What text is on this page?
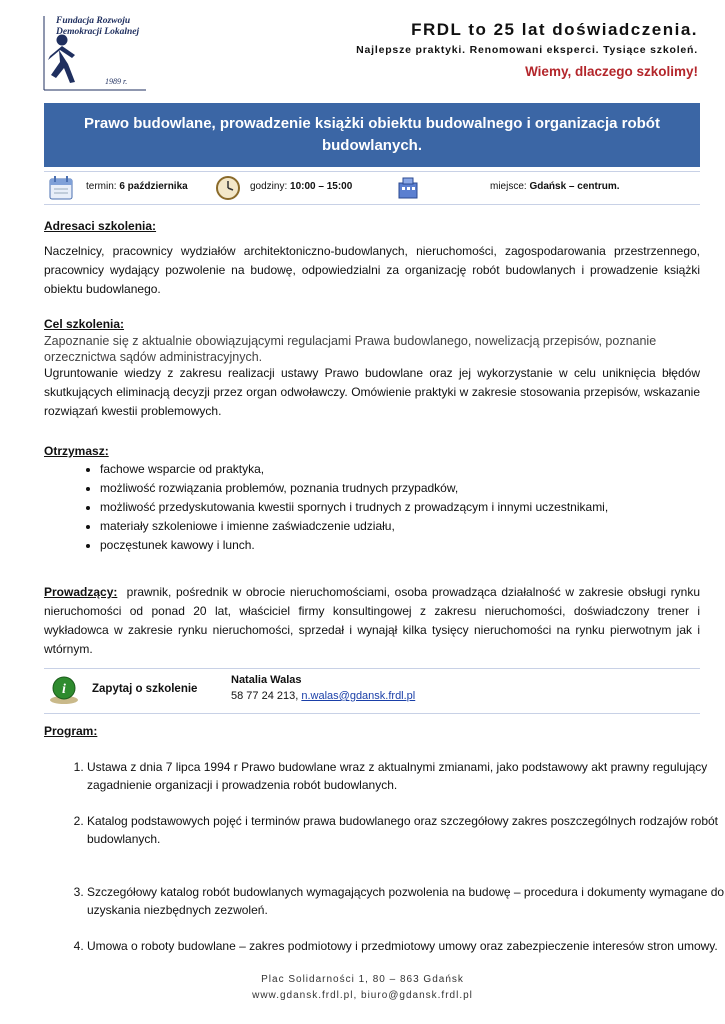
Fundacja Rozwoju
Demokracji Lokalnej
1989 r.
FRDL to 25 lat doświadczenia.
Najlepsze praktyki. Renomowani eksperci. Tysiące szkoleń.
Wiemy, dlaczego szkolimy!
Prawo budowlane, prowadzenie książki obiektu budowalnego i organizacja robót budowlanych.
termin: 6 października	godziny: 10:00 – 15:00	miejsce: Gdańsk – centrum.
Adresaci szkolenia:
Naczelnicy, pracownicy wydziałów architektoniczno-budowlanych, nieruchomości, zagospodarowania przestrzennego, pracownicy wydający pozwolenie na budowę, odpowiedzialni za organizację robót budowlanych i prowadzenie książki obiektu budowlanego.
Cel szkolenia:
Zapoznanie się z aktualnie obowiązującymi regulacjami Prawa budowlanego, nowelizacją przepisów, poznanie orzecznictwa sądów administracyjnych.
Ugruntowanie wiedzy z zakresu realizacji ustawy Prawo budowlane oraz jej wykorzystanie w celu uniknięcia błędów skutkujących eliminacją decyzji przez organ odwoławczy. Omówienie praktyki w zakresie stosowania przepisów, wskazanie rozwiązań kwestii problemowych.
Otrzymasz:
• fachowe wsparcie od praktyka,
• możliwość rozwiązania problemów, poznania trudnych przypadków,
• możliwość przedyskutowania kwestii spornych i trudnych z prowadzącym i innymi uczestnikami,
• materiały szkoleniowe i imienne zaświadczenie udziału,
• poczęstunek kawowy i lunch.
Prowadzący: prawnik, pośrednik w obrocie nieruchomościami, osoba prowadząca działalność w zakresie obsługi rynku nieruchomości od ponad 20 lat, właściciel firmy konsultingowej z zakresu nieruchomości, doświadczony trener i wykładowca w zakresie rynku nieruchomości, sprzedał i wynajął kilka tysięcy nieruchomości na rynku pierwotnym jak i wtórnym.
i Zapytaj o szkolenie
Natalia Walas
58 77 24 213, n.walas@gdansk.frdl.pl
Program:
1. Ustawa z dnia 7 lipca 1994 r Prawo budowlane wraz z aktualnymi zmianami, jako podstawowy akt prawny regulujący zagadnienie organizacji i prowadzenia robót budowlanych.
2. Katalog podstawowych pojęć i terminów prawa budowlanego oraz szczegółowy zakres poszczególnych rodzajów robót budowlanych.
3. Szczegółowy katalog robót budowlanych wymagających pozwolenia na budowę – procedura i dokumenty wymagane do uzyskania niezbędnych zezwoleń.
4. Umowa o roboty budowlane – zakres podmiotowy i przedmiotowy umowy oraz zabezpieczenie interesów stron umowy.
Plac Solidarności 1, 80 – 863 Gdańsk
www.gdansk.frdl.pl, biuro@gdansk.frdl.pl
